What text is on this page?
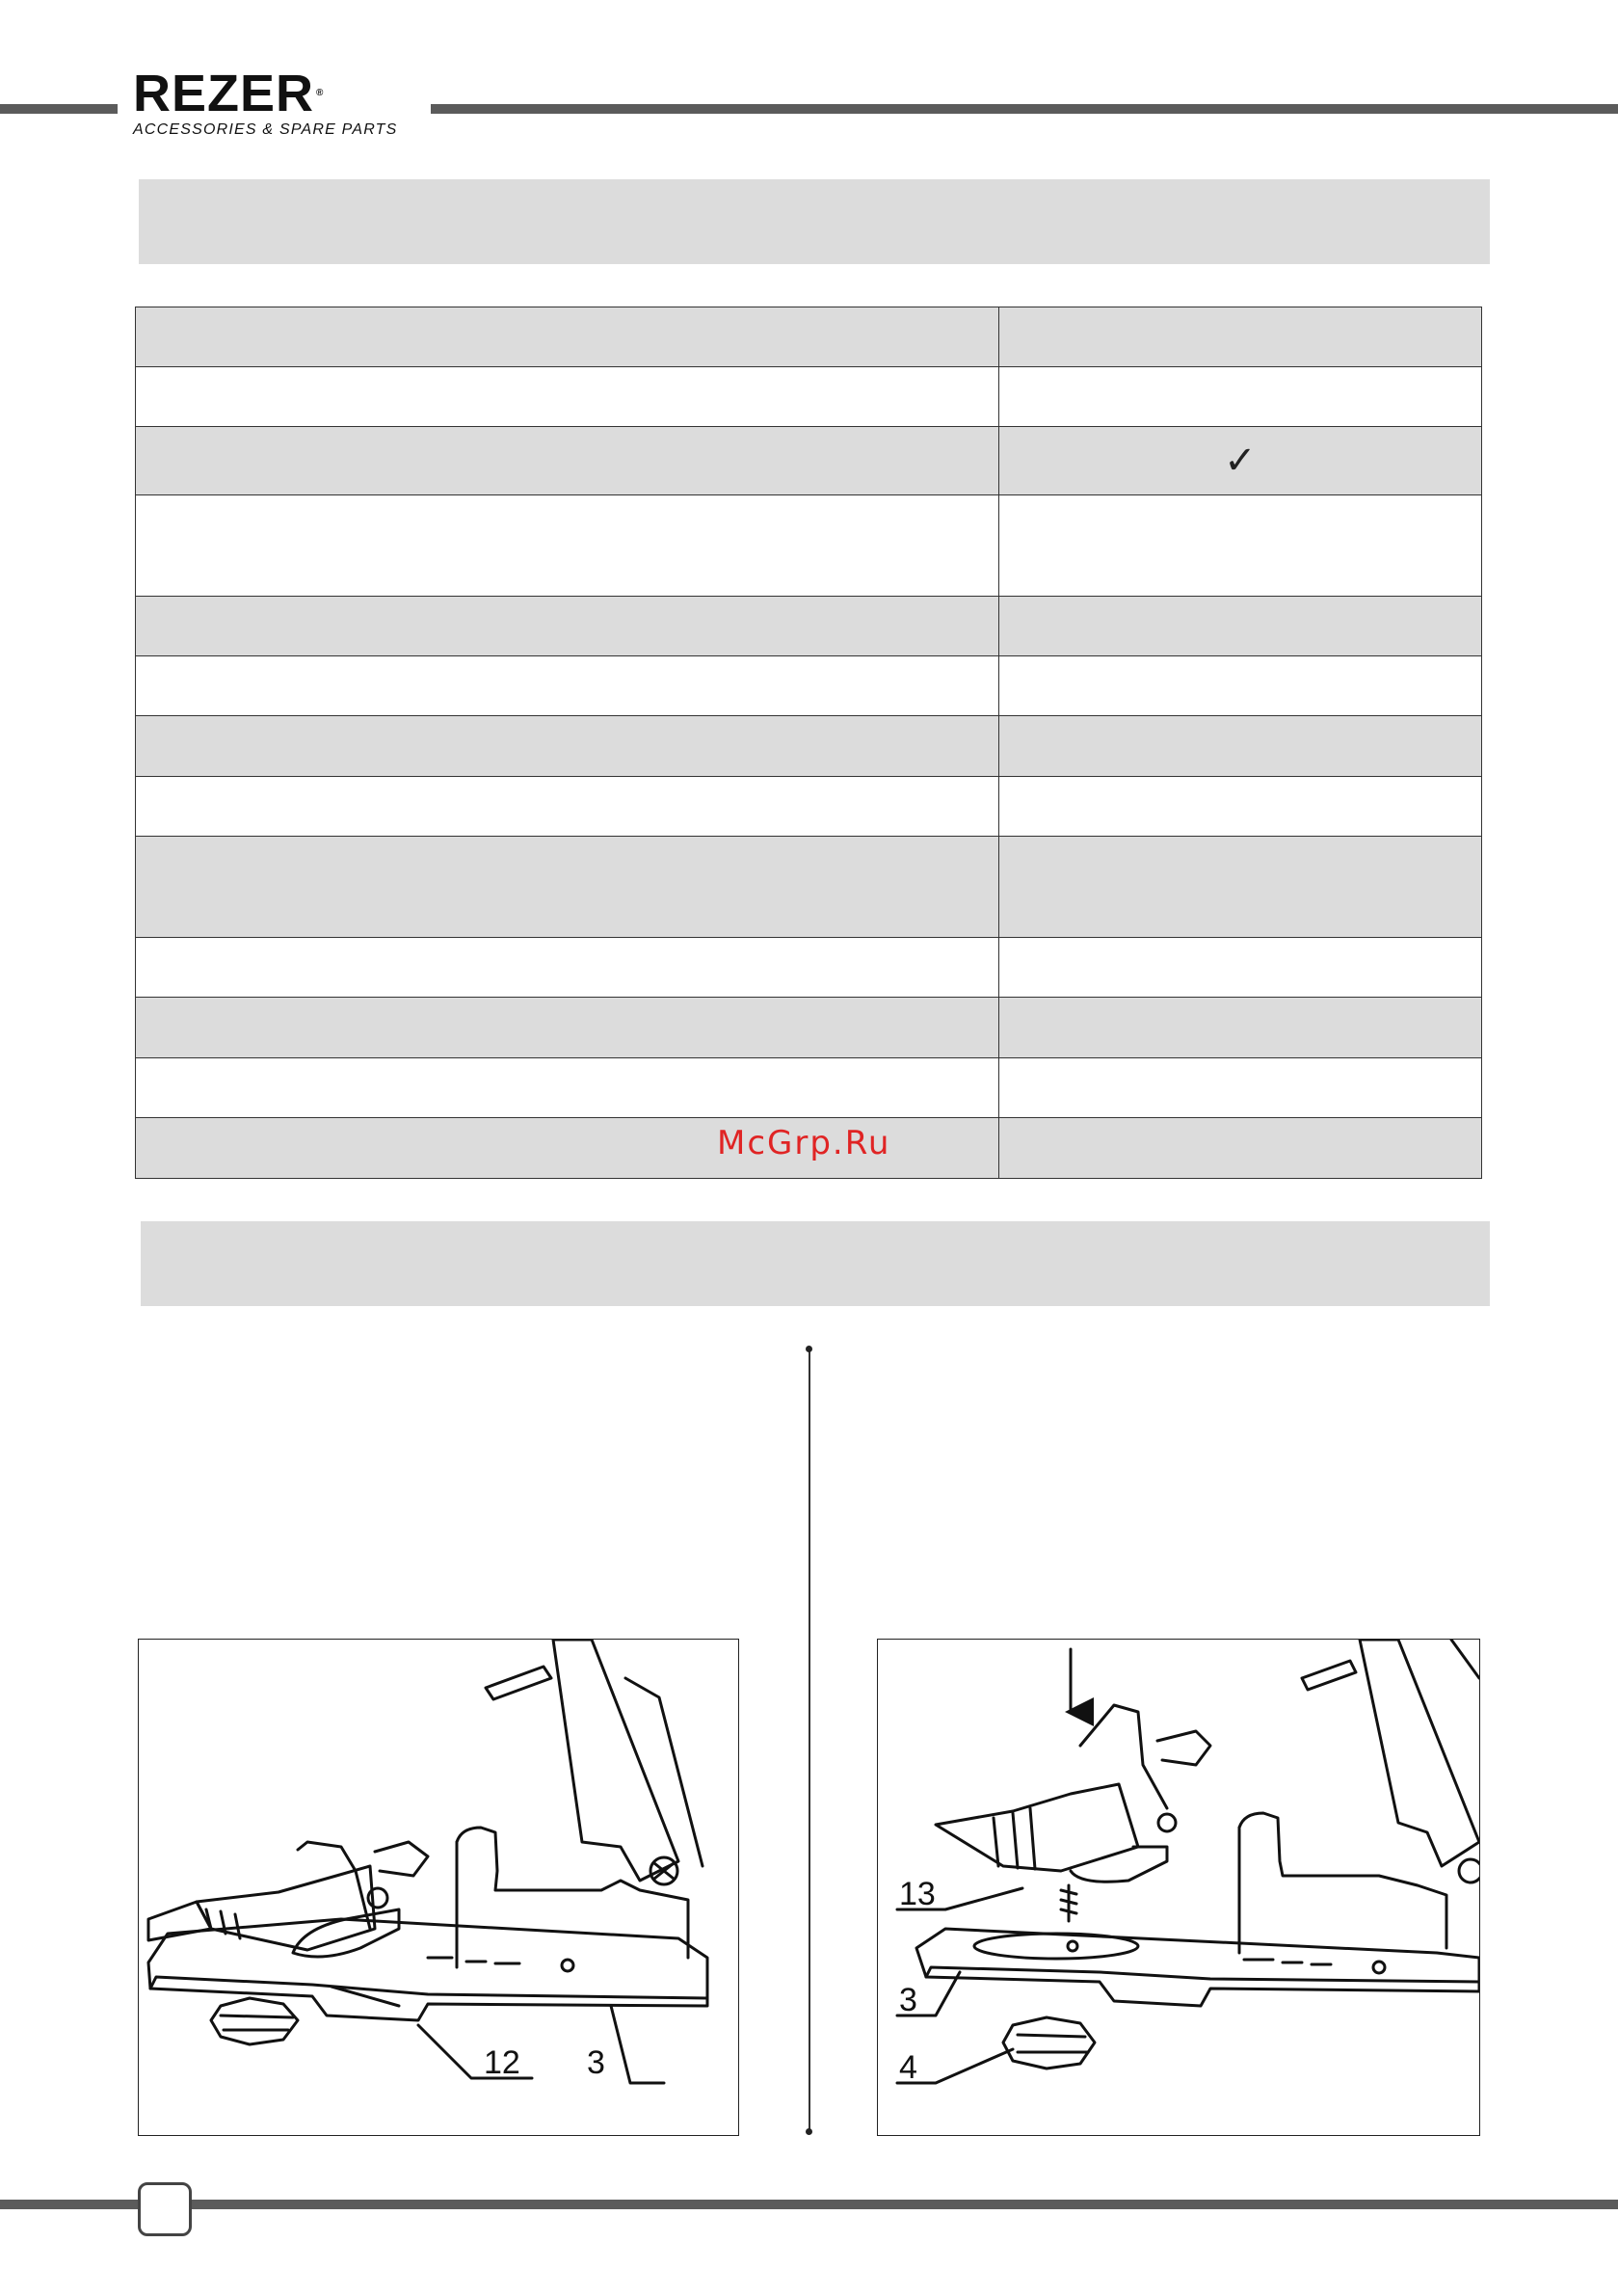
REZER ®
ACCESSORIES & SPARE PARTS

	✓

McGrp.Ru
12 3
13
3
4
